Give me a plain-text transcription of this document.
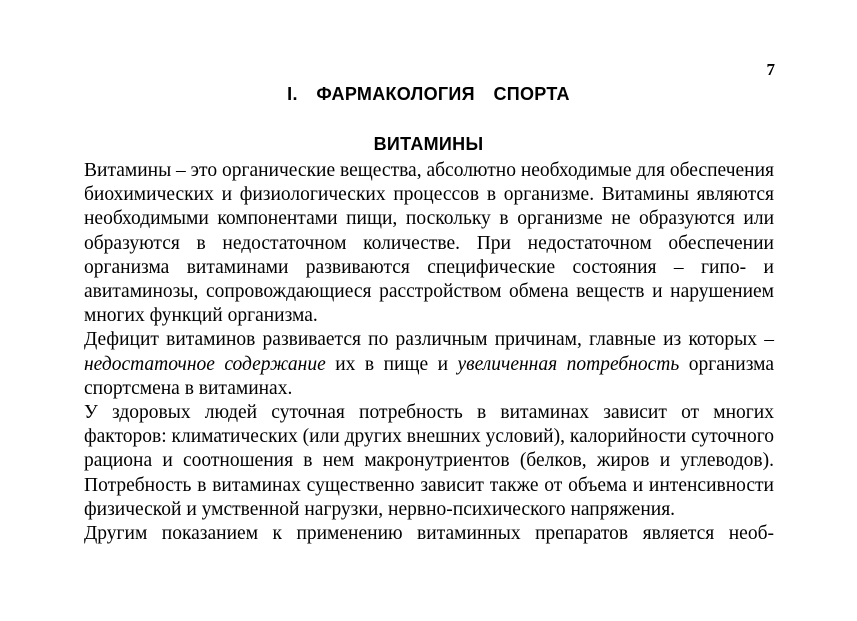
7
I.  ФАРМАКОЛОГИЯ  СПОРТА
ВИТАМИНЫ

Витамины – это органические вещества, абсолютно необходимые для обеспечения биохимических и физиологических процессов в организме. Витамины являются необходимыми компонентами пищи, поскольку в организме не образуются или образуются в недостаточном количестве. При недостаточном обеспечении организма витаминами развиваются специфические состояния – гипо- и авитаминозы, сопровождающиеся расстройством обмена веществ и нарушением многих функций организма.

Дефицит витаминов развивается по различным причинам, главные из которых – недостаточное содержание их в пище и увеличенная потребность организма спортсмена в витаминах.

У здоровых людей суточная потребность в витаминах зависит от многих факторов: климатических (или других внешних условий), калорийности суточного рациона и соотношения в нем макронутриентов (белков, жиров и углеводов). Потребность в витаминах существенно зависит также от объема и интенсивности физической и умственной нагрузки, нервно-психического напряжения.

Другим показанием к применению витаминных препаратов является необ-
